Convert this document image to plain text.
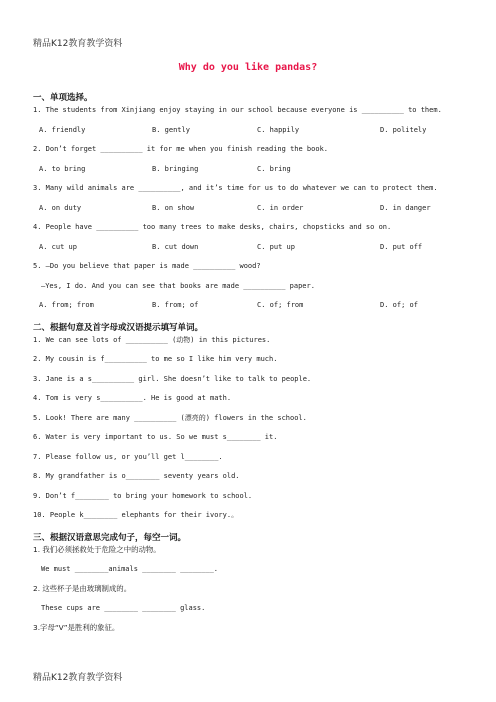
精品K12教育教学资料
Why do you like pandas?
一、单项选择。
1. The students from Xinjiang enjoy staying in our school because everyone is __________ to them.
A. friendly	B. gently	C. happily	D. politely
2. Don’t forget __________ it for me when you finish reading the book.
A. to bring	B. bringing	C. bring
3. Many wild animals are __________, and it’s time for us to do whatever we can to protect them.
A. on duty	B. on show	C. in order	D. in danger
4. People have __________ too many trees to make desks, chairs, chopsticks and so on.
A. cut up	B. cut down	C. put up	D. put off
5. —Do you believe that paper is made __________ wood?
—Yes, I do. And you can see that books are made __________ paper.
A. from; from	B. from; of	C. of; from	D. of; of
二、根据句意及首字母或汉语提示填写单词。
1. We can see lots of __________ (动物) in this pictures.
2. My cousin is f__________ to me so I like him very much.
3. Jane is a s__________ girl. She doesn’t like to talk to people.
4. Tom is very s__________. He is good at math.
5. Look! There are many __________ (漂亮的) flowers in the school.
6. Water is very important to us. So we must s________ it.
7. Please follow us, or you’ll get l________.
8. My grandfather is o________ seventy years old.
9. Don’t f________ to bring your homework to school.
10. People k________ elephants for their ivory.。
三、根据汉语意思完成句子，每空一词。
1. 我们必须拯救处于危险之中的动物。
We must ________animals ________ ________.
2. 这些杯子是由玻璃制成的。
These cups are ________ ________ glass.
3.字母“V”是胜利的象征。
精品K12教育教学资料
